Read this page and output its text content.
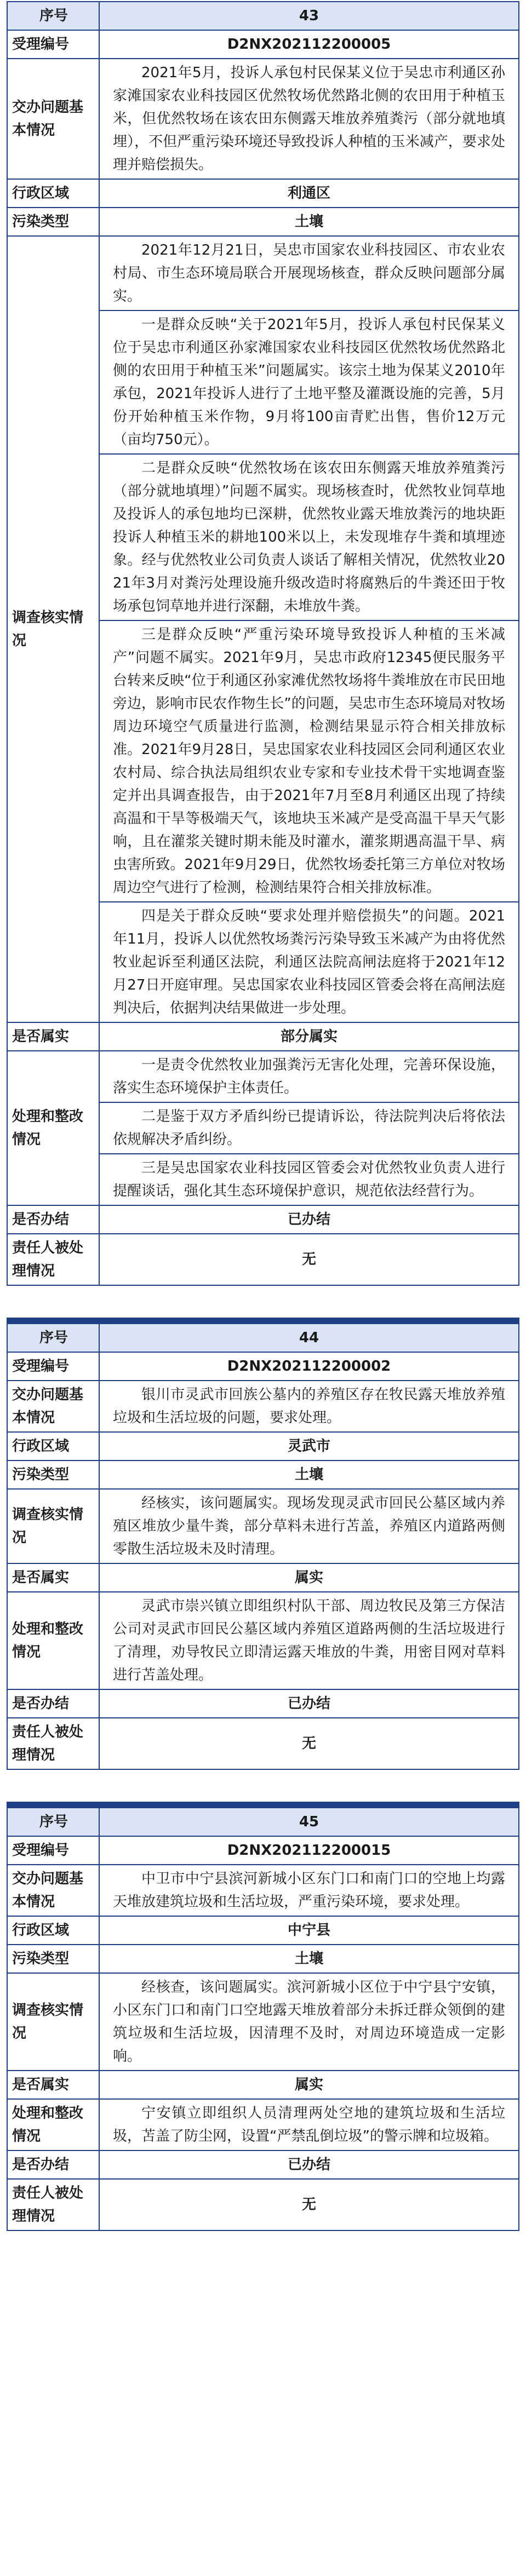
序号	43
受理编号	D2NX202112200005
交办问题基本情况	2021年5月，投诉人承包村民保某义位于吴忠市利通区孙家滩国家农业科技园区优然牧场优然路北侧的农田用于种植玉米，但优然牧场在该农田东侧露天堆放养殖粪污（部分就地填埋），不但严重污染环境还导致投诉人种植的玉米减产，要求处理并赔偿损失。
行政区域	利通区
污染类型	土壤
调查核实情况	2021年12月21日，吴忠市国家农业科技园区、市农业农村局、市生态环境局联合开展现场核查，群众反映问题部分属实。
	一是群众反映“关于2021年5月，投诉人承包村民保某义位于吴忠市利通区孙家滩国家农业科技园区优然牧场优然路北侧的农田用于种植玉米”问题属实。该宗土地为保某义2010年承包，2021年投诉人进行了土地平整及灌溉设施的完善，5月份开始种植玉米作物，9月将100亩青贮出售，售价12万元（亩均750元）。
	二是群众反映“优然牧场在该农田东侧露天堆放养殖粪污（部分就地填埋）”问题不属实。现场核查时，优然牧业饲草地及投诉人的承包地均已深耕，优然牧业露天堆放粪污的地块距投诉人种植玉米的耕地100米以上，未发现堆存牛粪和填埋迹象。经与优然牧业公司负责人谈话了解相关情况，优然牧业2021年3月对粪污处理设施升级改造时将腐熟后的牛粪还田于牧场承包饲草地并进行深翻，未堆放牛粪。
	三是群众反映“严重污染环境导致投诉人种植的玉米减产”问题不属实。2021年9月，吴忠市政府12345便民服务平台转来反映“位于利通区孙家滩优然牧场将牛粪堆放在市民田地旁边，影响市民农作物生长”的问题，吴忠市生态环境局对牧场周边环境空气质量进行监测，检测结果显示符合相关排放标准。2021年9月28日，吴忠国家农业科技园区会同利通区农业农村局、综合执法局组织农业专家和专业技术骨干实地调查鉴定并出具调查报告，由于2021年7月至8月利通区出现了持续高温和干旱等极端天气，该地块玉米减产是受高温干旱天气影响，且在灌浆关键时期未能及时灌水，灌浆期遇高温干旱、病虫害所致。2021年9月29日，优然牧场委托第三方单位对牧场周边空气进行了检测，检测结果符合相关排放标准。
	四是关于群众反映“要求处理并赔偿损失”的问题。2021年11月，投诉人以优然牧场粪污污染导致玉米减产为由将优然牧业起诉至利通区法院，利通区法院高闸法庭将于2021年12月27日开庭审理。吴忠国家农业科技园区管委会将在高闸法庭判决后，依据判决结果做进一步处理。
是否属实	部分属实
处理和整改情况	一是责令优然牧业加强粪污无害化处理，完善环保设施，落实生态环境保护主体责任。
	二是鉴于双方矛盾纠纷已提请诉讼，待法院判决后将依法依规解决矛盾纠纷。
	三是吴忠国家农业科技园区管委会对优然牧业负责人进行提醒谈话，强化其生态环境保护意识，规范依法经营行为。
是否办结	已办结
责任人被处理情况	无
序号	44
受理编号	D2NX202112200002
交办问题基本情况	银川市灵武市回族公墓内的养殖区存在牧民露天堆放养殖垃圾和生活垃圾的问题，要求处理。
行政区域	灵武市
污染类型	土壤
调查核实情况	经核实，该问题属实。现场发现灵武市回民公墓区域内养殖区堆放少量牛粪，部分草料未进行苫盖，养殖区内道路两侧零散生活垃圾未及时清理。
是否属实	属实
处理和整改情况	灵武市崇兴镇立即组织村队干部、周边牧民及第三方保洁公司对灵武市回民公墓区域内养殖区道路两侧的生活垃圾进行了清理，劝导牧民立即清运露天堆放的牛粪，用密目网对草料进行苫盖处理。
是否办结	已办结
责任人被处理情况	无
序号	45
受理编号	D2NX202112200015
交办问题基本情况	中卫市中宁县滨河新城小区东门口和南门口的空地上均露天堆放建筑垃圾和生活垃圾，严重污染环境，要求处理。
行政区域	中宁县
污染类型	土壤
调查核实情况	经核查，该问题属实。滨河新城小区位于中宁县宁安镇，小区东门口和南门口空地露天堆放着部分未拆迁群众领倒的建筑垃圾和生活垃圾，因清理不及时，对周边环境造成一定影响。
是否属实	属实
处理和整改情况	宁安镇立即组织人员清理两处空地的建筑垃圾和生活垃圾，苫盖了防尘网，设置“严禁乱倒垃圾”的警示牌和垃圾箱。
是否办结	已办结
责任人被处理情况	无
